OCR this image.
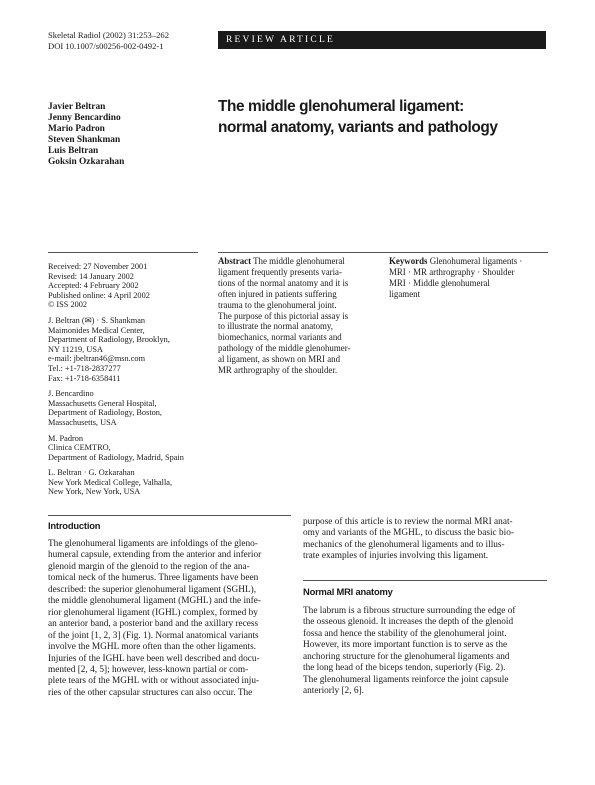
Skeletal Radiol (2002) 31:253–262
DOI 10.1007/s00256-002-0492-1
REVIEW ARTICLE
Javier Beltran
Jenny Bencardino
Mario Padron
Steven Shankman
Luis Beltran
Goksin Ozkarahan
The middle glenohumeral ligament:
normal anatomy, variants and pathology
Received: 27 November 2001
Revised: 14 January 2002
Accepted: 4 February 2002
Published online: 4 April 2002
© ISS 2002
J. Beltran (✉) · S. Shankman
Maimonides Medical Center,
Department of Radiology, Brooklyn,
NY 11219, USA
e-mail: jbeltran46@msn.com
Tel.: +1-718-2837277
Fax: +1-718-6358411
J. Bencardino
Massachusetts General Hospital,
Department of Radiology, Boston,
Massachusetts, USA
M. Padron
Clinica CEMTRO,
Department of Radiology, Madrid, Spain
L. Beltran · G. Ozkarahan
New York Medical College, Valhalla,
New York, New York, USA
Abstract The middle glenohumeral
ligament frequently presents varia-
tions of the normal anatomy and it is
often injured in patients suffering
trauma to the glenohumeral joint.
The purpose of this pictorial assay is
to illustrate the normal anatomy,
biomechanics, normal variants and
pathology of the middle glenohumer-
al ligament, as shown on MRI and
MR arthrography of the shoulder.
Keywords Glenohumeral ligaments ·
MRI · MR arthrography · Shoulder
MRI · Middle glenohumeral
ligament
Introduction
The glenohumeral ligaments are infoldings of the gleno-
humeral capsule, extending from the anterior and inferior
glenoid margin of the glenoid to the region of the ana-
tomical neck of the humerus. Three ligaments have been
described: the superior glenohumeral ligament (SGHL),
the middle glenohumeral ligament (MGHL) and the infe-
rior glenohumeral ligament (IGHL) complex, formed by
an anterior band, a posterior band and the axillary recess
of the joint [1, 2, 3] (Fig. 1). Normal anatomical variants
involve the MGHL more often than the other ligaments.
Injuries of the IGHL have been well described and docu-
mented [2, 4, 5]; however, less-known partial or com-
plete tears of the MGHL with or without associated inju-
ries of the other capsular structures can also occur. The
purpose of this article is to review the normal MRI anat-
omy and variants of the MGHL, to discuss the basic bio-
mechanics of the glenohumeral ligaments and to illus-
trate examples of injuries involving this ligament.
Normal MRI anatomy
The labrum is a fibrous structure surrounding the edge of
the osseous glenoid. It increases the depth of the glenoid
fossa and hence the stability of the glenohumeral joint.
However, its more important function is to serve as the
anchoring structure for the glenohumeral ligaments and
the long head of the biceps tendon, superiorly (Fig. 2).
The glenohumeral ligaments reinforce the joint capsule
anteriorly [2, 6].
